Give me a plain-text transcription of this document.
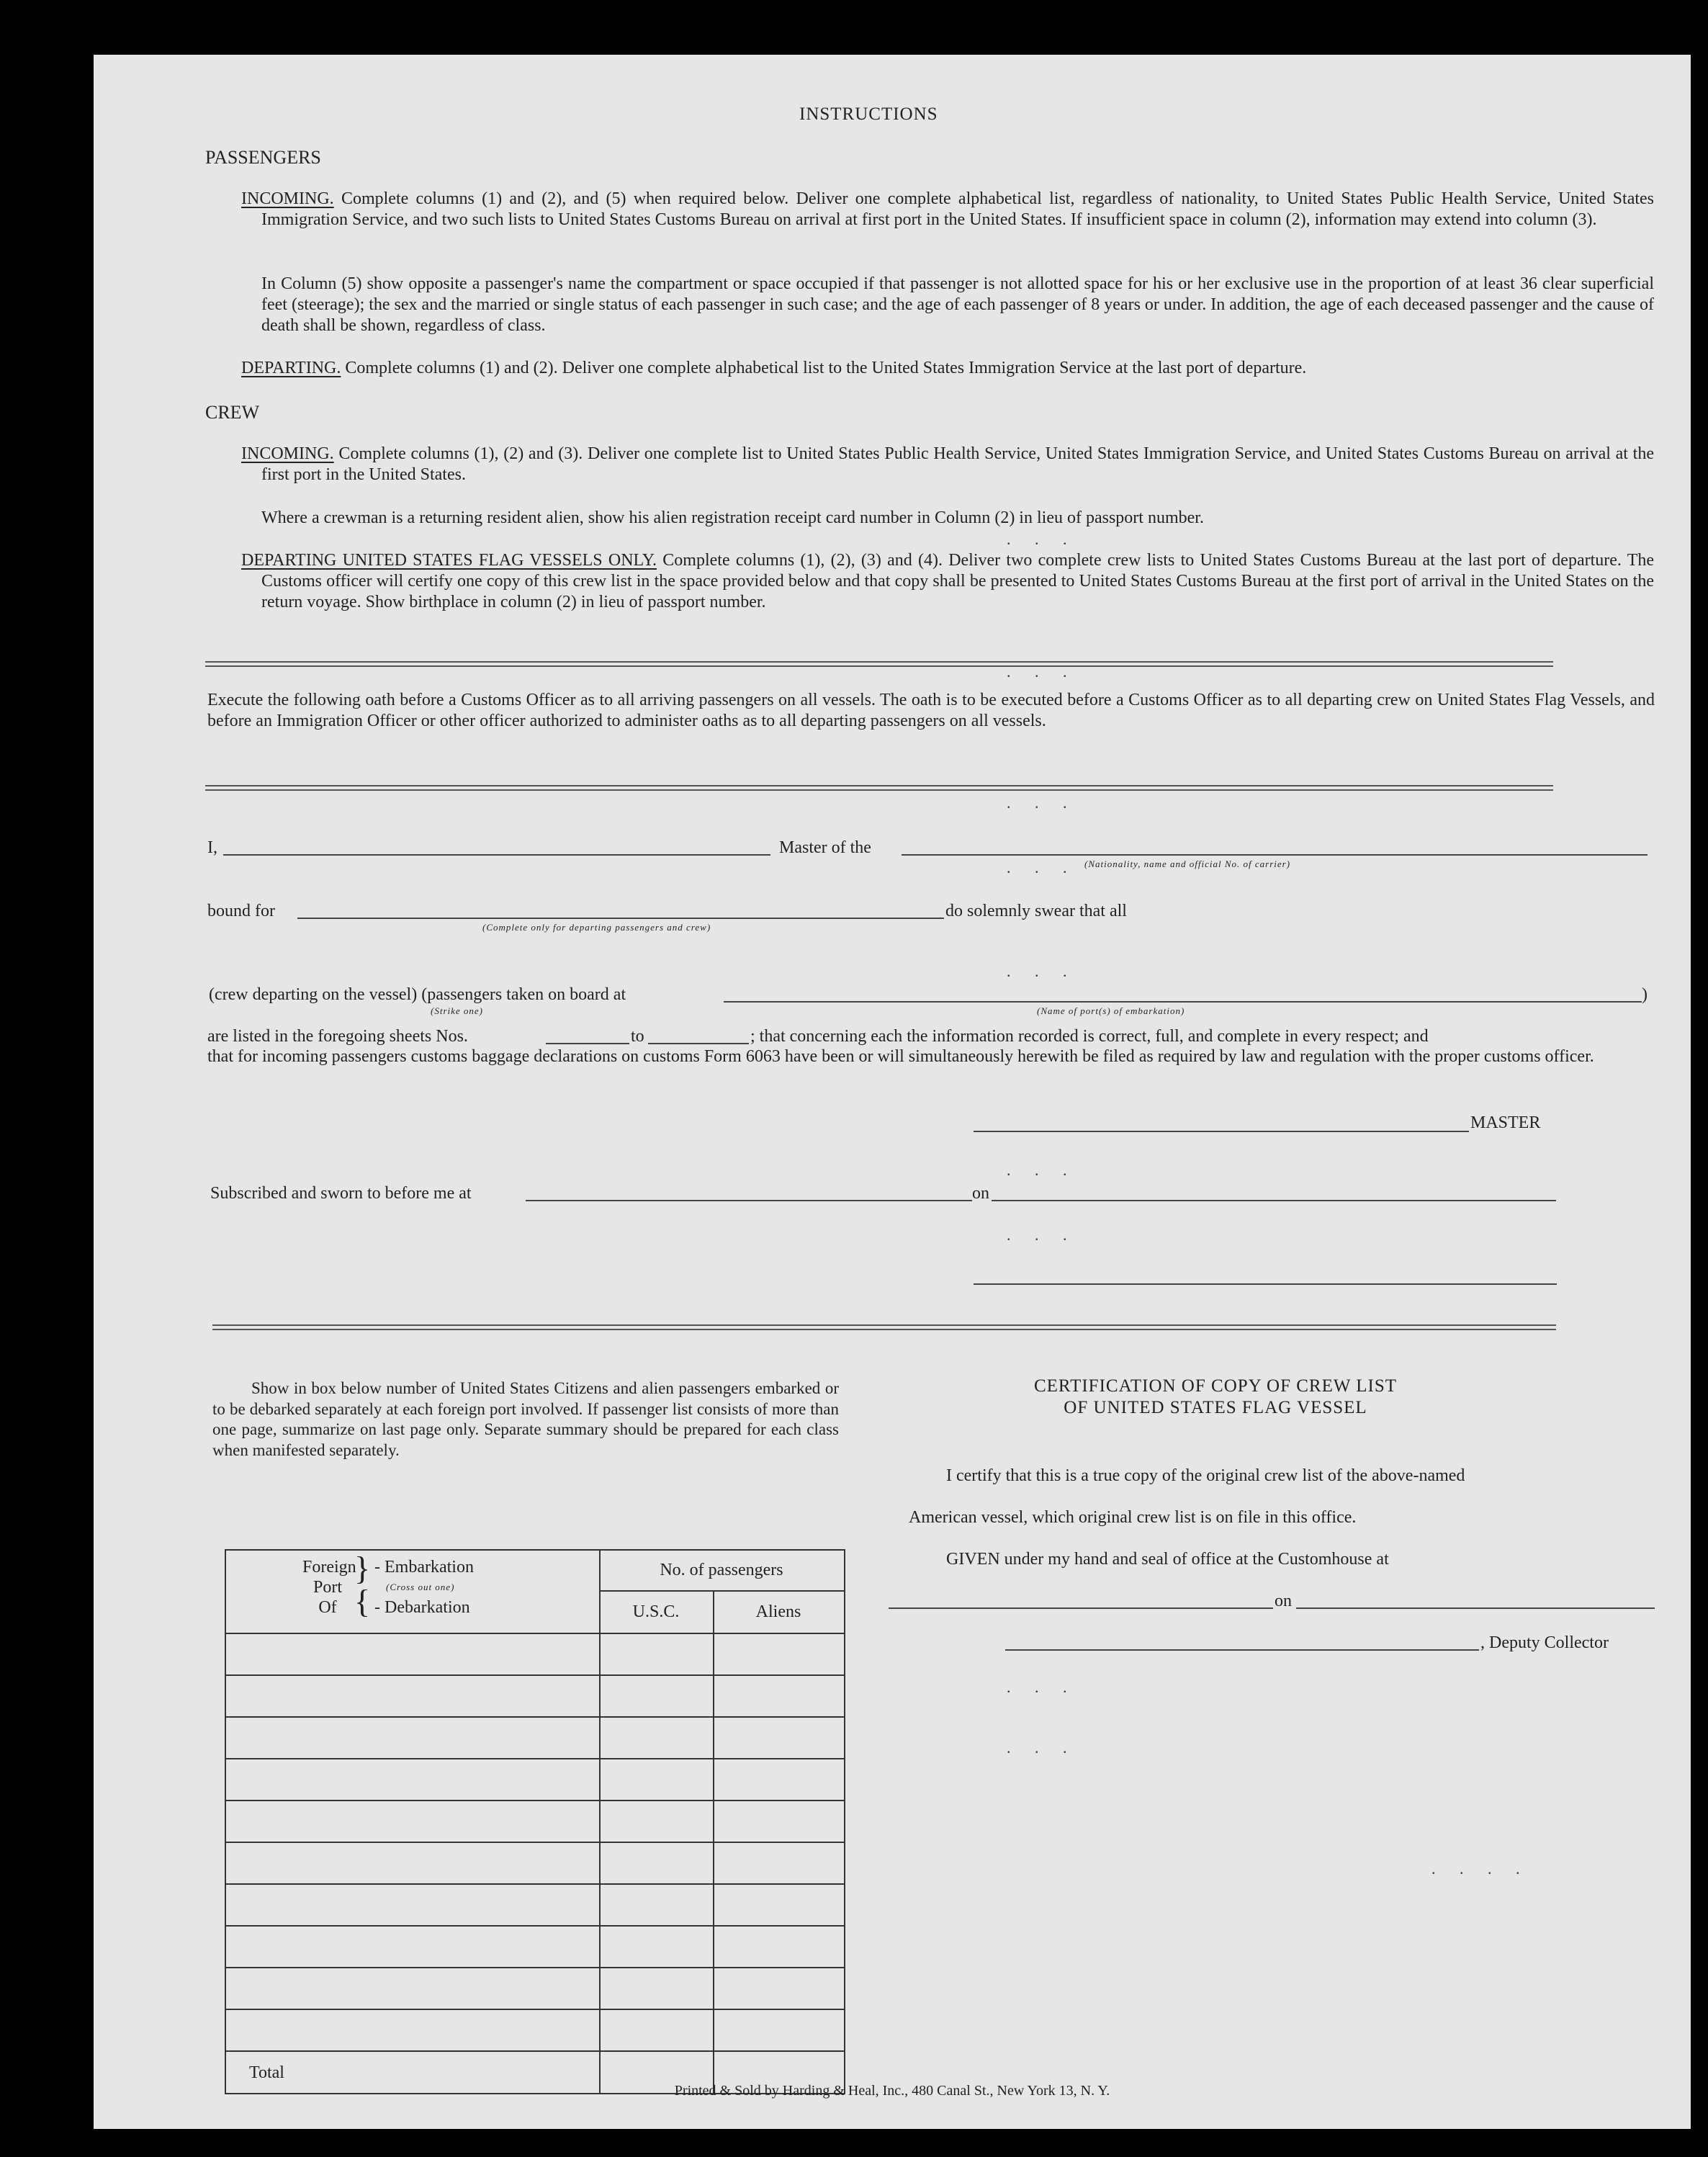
INSTRUCTIONS
PASSENGERS
INCOMING. Complete columns (1) and (2), and (5) when required below. Deliver one complete alphabetical list, regardless of nationality, to United States Public Health Service, United States Immigration Service, and two such lists to United States Customs Bureau on arrival at first port in the United States. If insufficient space in column (2), information may extend into column (3).
In Column (5) show opposite a passenger's name the compartment or space occupied if that passenger is not allotted space for his or her exclusive use in the proportion of at least 36 clear superficial feet (steerage); the sex and the married or single status of each passenger in such case; and the age of each passenger of 8 years or under. In addition, the age of each deceased passenger and the cause of death shall be shown, regardless of class.
DEPARTING. Complete columns (1) and (2). Deliver one complete alphabetical list to the United States Immigration Service at the last port of departure.
CREW
INCOMING. Complete columns (1), (2) and (3). Deliver one complete list to United States Public Health Service, United States Immigration Service, and United States Customs Bureau on arrival at the first port in the United States.
Where a crewman is a returning resident alien, show his alien registration receipt card number in Column (2) in lieu of passport number.
DEPARTING UNITED STATES FLAG VESSELS ONLY. Complete columns (1), (2), (3) and (4). Deliver two complete crew lists to United States Customs Bureau at the last port of departure. The Customs officer will certify one copy of this crew list in the space provided below and that copy shall be presented to United States Customs Bureau at the first port of arrival in the United States on the return voyage. Show birthplace in column (2) in lieu of passport number.
Execute the following oath before a Customs Officer as to all arriving passengers on all vessels. The oath is to be executed before a Customs Officer as to all departing crew on United States Flag Vessels, and before an Immigration Officer or other officer authorized to administer oaths as to all departing passengers on all vessels.
I,	Master of the
(Nationality, name and official No. of carrier)
bound for
(Complete only for departing passengers and crew)
do solemnly swear that all
(crew departing on the vessel) (passengers taken on board at	)
(Strike one)	(Name of port(s) of embarkation)
are listed in the foregoing sheets Nos.	to	; that concerning each the information recorded is correct, full, and complete in every respect; and
that for incoming passengers customs baggage declarations on customs Form 6063 have been or will simultaneously herewith be filed as required by law and regulation with the proper customs officer.
MASTER
Subscribed and sworn to before me at	on
Show in box below number of United States Citizens and alien passengers embarked or to be debarked separately at each foreign port involved. If passenger list consists of more than one page, summarize on last page only. Separate summary should be prepared for each class when manifested separately.
Foreign
Port
Of
}
{
- Embarkation
(Cross out one)
- Debarkation
No. of passengers
U.S.C.	Aliens
Total
CERTIFICATION OF COPY OF CREW LIST
OF UNITED STATES FLAG VESSEL
I certify that this is a true copy of the original crew list of the above-named
American vessel, which original crew list is on file in this office.
GIVEN under my hand and seal of office at the Customhouse at
on
, Deputy Collector
. . .
. . .
. . .
. . .
. . .
. . .
. . .
. . .
. . .
. . . .
Printed & Sold by Harding & Heal, Inc., 480 Canal St., New York 13, N. Y.
